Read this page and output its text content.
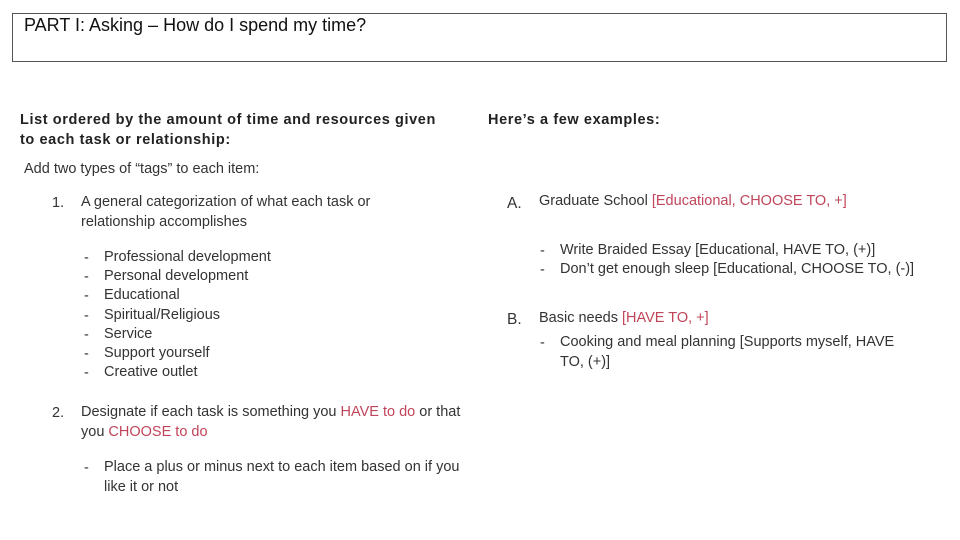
PART I: Asking – How do I spend my time?
List ordered by the amount of time and resources given to each task or relationship:
Add two types of “tags” to each item:
1. A general categorization of what each task or relationship accomplishes
- Professional development
- Personal development
- Educational
- Spiritual/Religious
- Service
- Support yourself
- Creative outlet
2. Designate if each task is something you HAVE to do or that you CHOOSE to do
- Place a plus or minus next to each item based on if you like it or not
Here’s a few examples:
A. Graduate School [Educational, CHOOSE TO, +]
- Write Braided Essay [Educational, HAVE TO, (+)]
- Don’t get enough sleep [Educational, CHOOSE TO, (-)]
B. Basic needs [HAVE TO, +]
- Cooking and meal planning [Supports myself, HAVE TO, (+)]
